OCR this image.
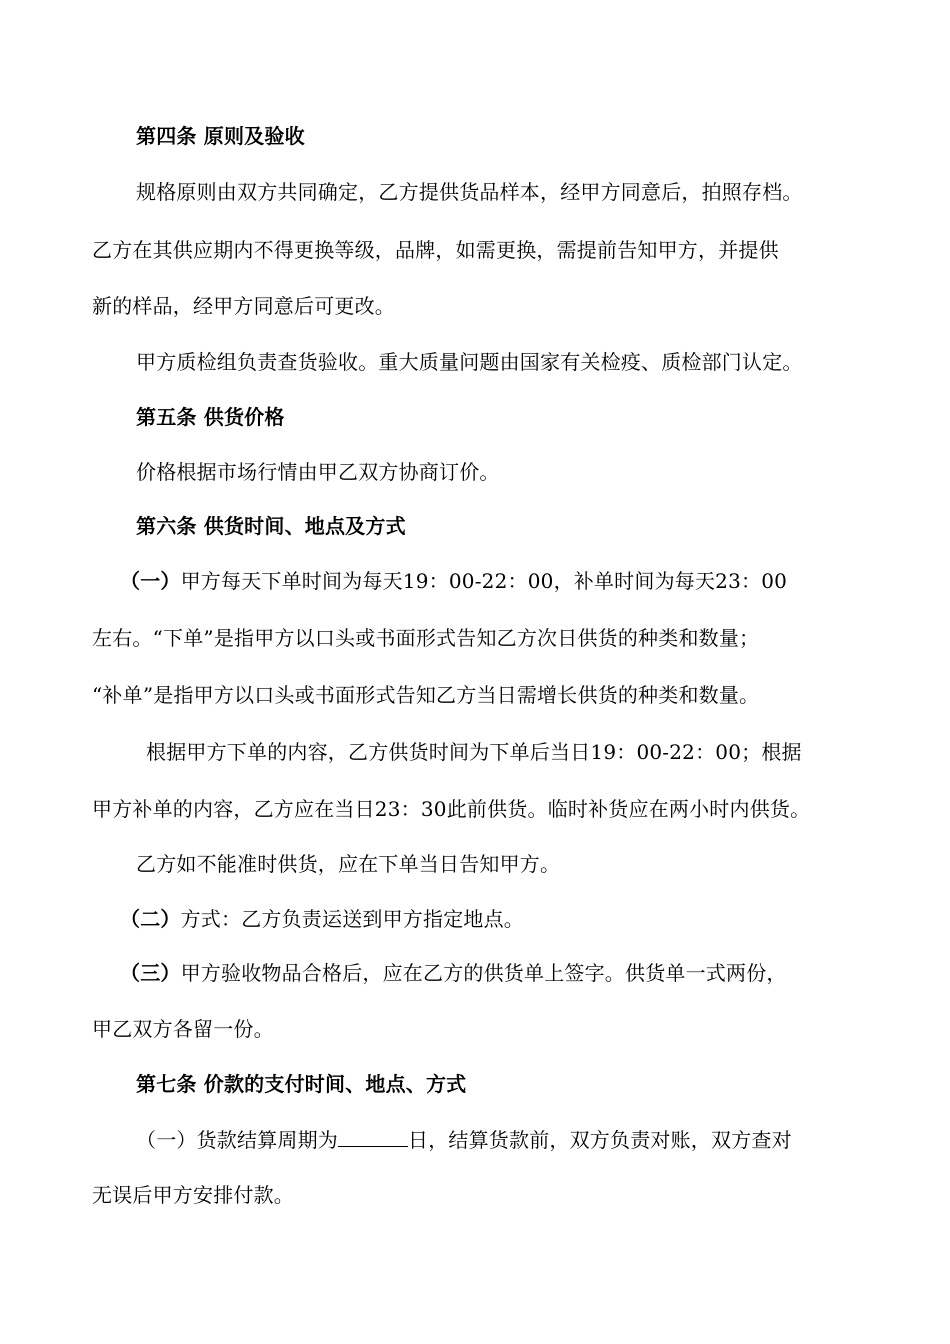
第四条 原则及验收
规格原则由双方共同确定，乙方提供货品样本，经甲方同意后，拍照存档。
乙方在其供应期内不得更换等级，品牌，如需更换，需提前告知甲方，并提供
新的样品，经甲方同意后可更改。
甲方质检组负责查货验收。重大质量问题由国家有关检疫、质检部门认定。
第五条 供货价格
价格根据市场行情由甲乙双方协商订价。
第六条 供货时间、地点及方式
（一）甲方每天下单时间为每天19：00-22：00，补单时间为每天23：00
左右。“下单”是指甲方以口头或书面形式告知乙方次日供货的种类和数量；
“补单”是指甲方以口头或书面形式告知乙方当日需增长供货的种类和数量。
根据甲方下单的内容，乙方供货时间为下单后当日19：00-22：00；根据
甲方补单的内容，乙方应在当日23：30此前供货。临时补货应在两小时内供货。
乙方如不能准时供货，应在下单当日告知甲方。
（二）方式：乙方负责运送到甲方指定地点。
（三）甲方验收物品合格后，应在乙方的供货单上签字。供货单一式两份，
甲乙双方各留一份。
第七条 价款的支付时间、地点、方式
（一）货款结算周期为	日，结算货款前，双方负责对账，双方查对
无误后甲方安排付款。
